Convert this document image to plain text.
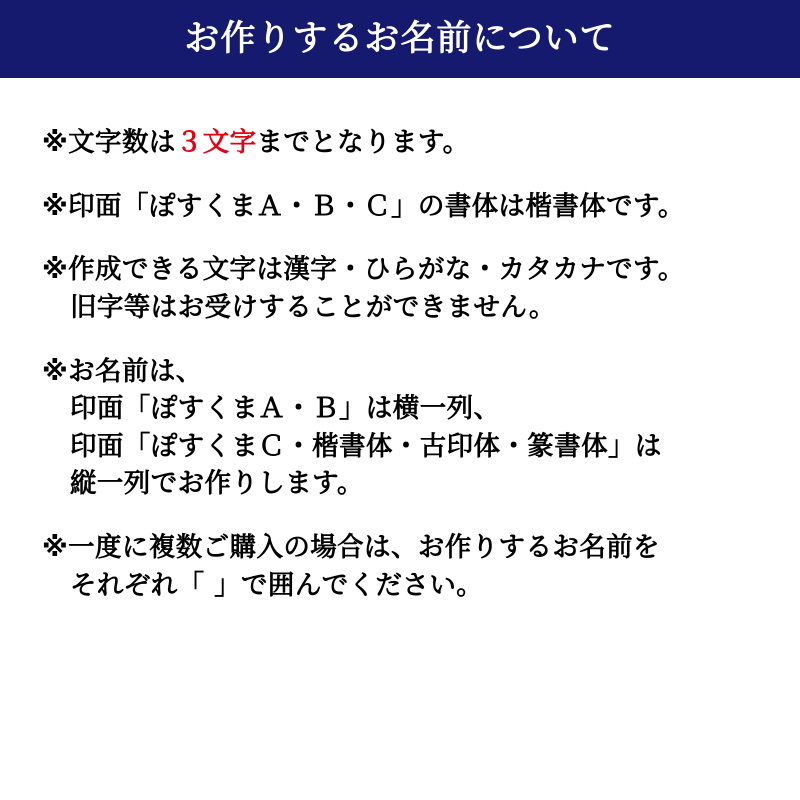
お作りするお名前について
※文字数は３文字までとなります。
※印面「ぽすくまＡ・Ｂ・Ｃ」の書体は楷書体です。
※作成できる文字は漢字・ひらがな・カタカナです。
旧字等はお受けすることができません。
※お名前は、
印面「ぽすくまＡ・Ｂ」は横一列、
印面「ぽすくまＣ・楷書体・古印体・篆書体」は
縦一列でお作りします。
※一度に複数ご購入の場合は、お作りするお名前を
それぞれ「 」で囲んでください。
